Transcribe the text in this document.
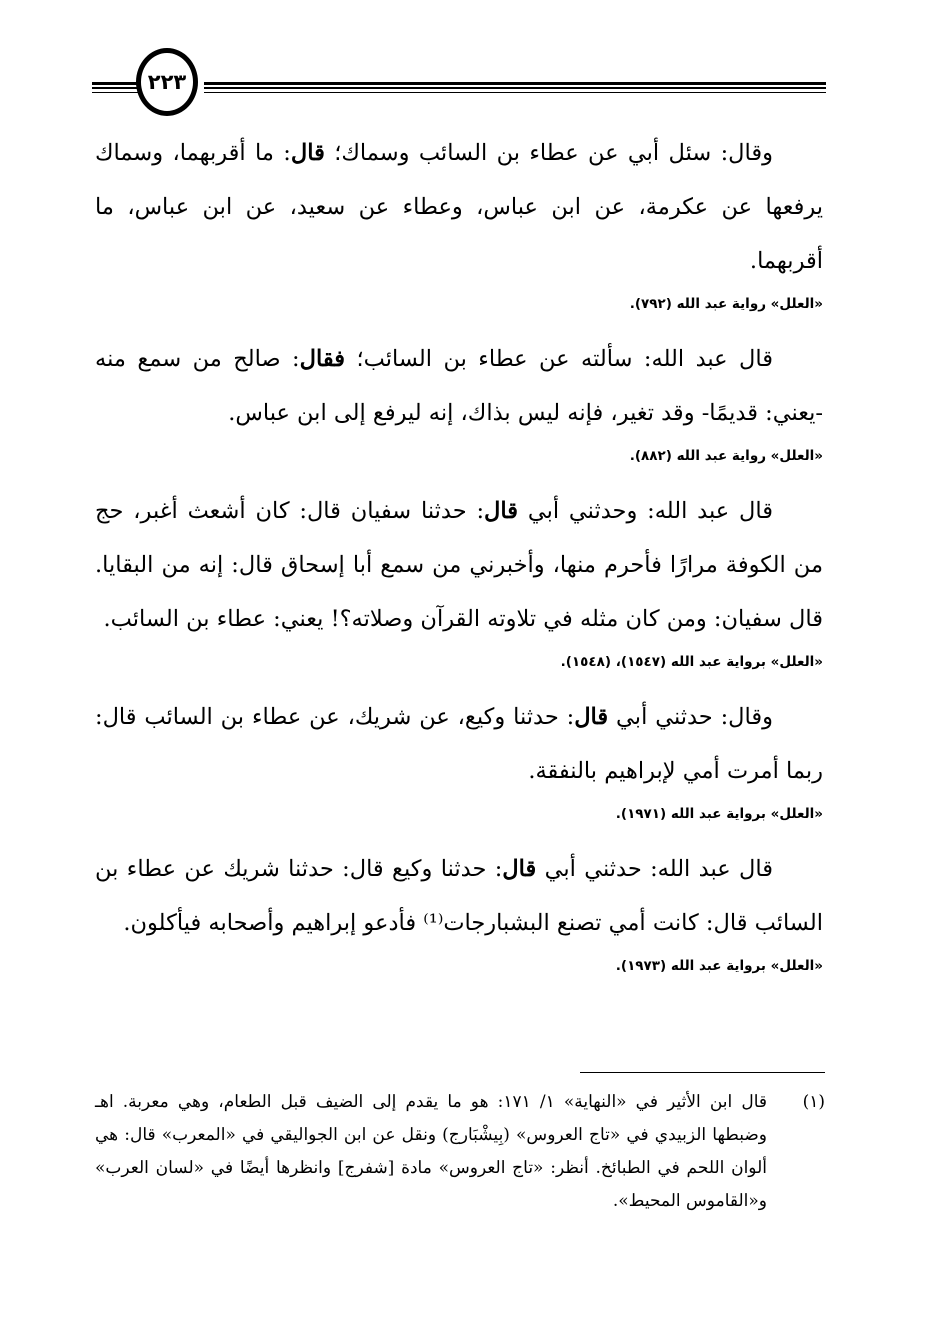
٢٢٣

وقال: سئل أبي عن عطاء بن السائب وسماك؛ قال: ما أقربهما، وسماك يرفعها عن عكرمة، عن ابن عباس، وعطاء عن سعيد، عن ابن عباس، ما أقربهما.

«العلل» رواية عبد الله (٧٩٢).

قال عبد الله: سألته عن عطاء بن السائب؛ فقال: صالح من سمع منه -يعني: قديمًا- وقد تغير، فإنه ليس بذاك، إنه ليرفع إلى ابن عباس.

«العلل» رواية عبد الله (٨٨٢).

قال عبد الله: وحدثني أبي قال: حدثنا سفيان قال: كان أشعث أغبر، حج من الكوفة مرارًا فأحرم منها، وأخبرني من سمع أبا إسحاق قال: إنه من البقايا. قال سفيان: ومن كان مثله في تلاوته القرآن وصلاته؟! يعني: عطاء بن السائب.

«العلل» برواية عبد الله (١٥٤٧)، (١٥٤٨).

وقال: حدثني أبي قال: حدثنا وكيع، عن شريك، عن عطاء بن السائب قال: ربما أمرت أمي لإبراهيم بالنفقة.

«العلل» برواية عبد الله (١٩٧١).

قال عبد الله: حدثني أبي قال: حدثنا وكيع قال: حدثنا شريك عن عطاء بن السائب قال: كانت أمي تصنع البشبارجات⁽¹⁾ فأدعو إبراهيم وأصحابه فيأكلون.

«العلل» برواية عبد الله (١٩٧٣).
(١)
قال ابن الأثير في «النهاية» ١/ ١٧١: هو ما يقدم إلى الضيف قبل الطعام، وهي معربة. اهـ وضبطها الزبيدي في «تاج العروس» (بِيشْبَارج) ونقل عن ابن الجواليقي في «المعرب» قال: هي ألوان اللحم في الطبائخ. أنظر: «تاج العروس» مادة [شفرج] وانظرها أيضًا في «لسان العرب» و«القاموس المحيط».
